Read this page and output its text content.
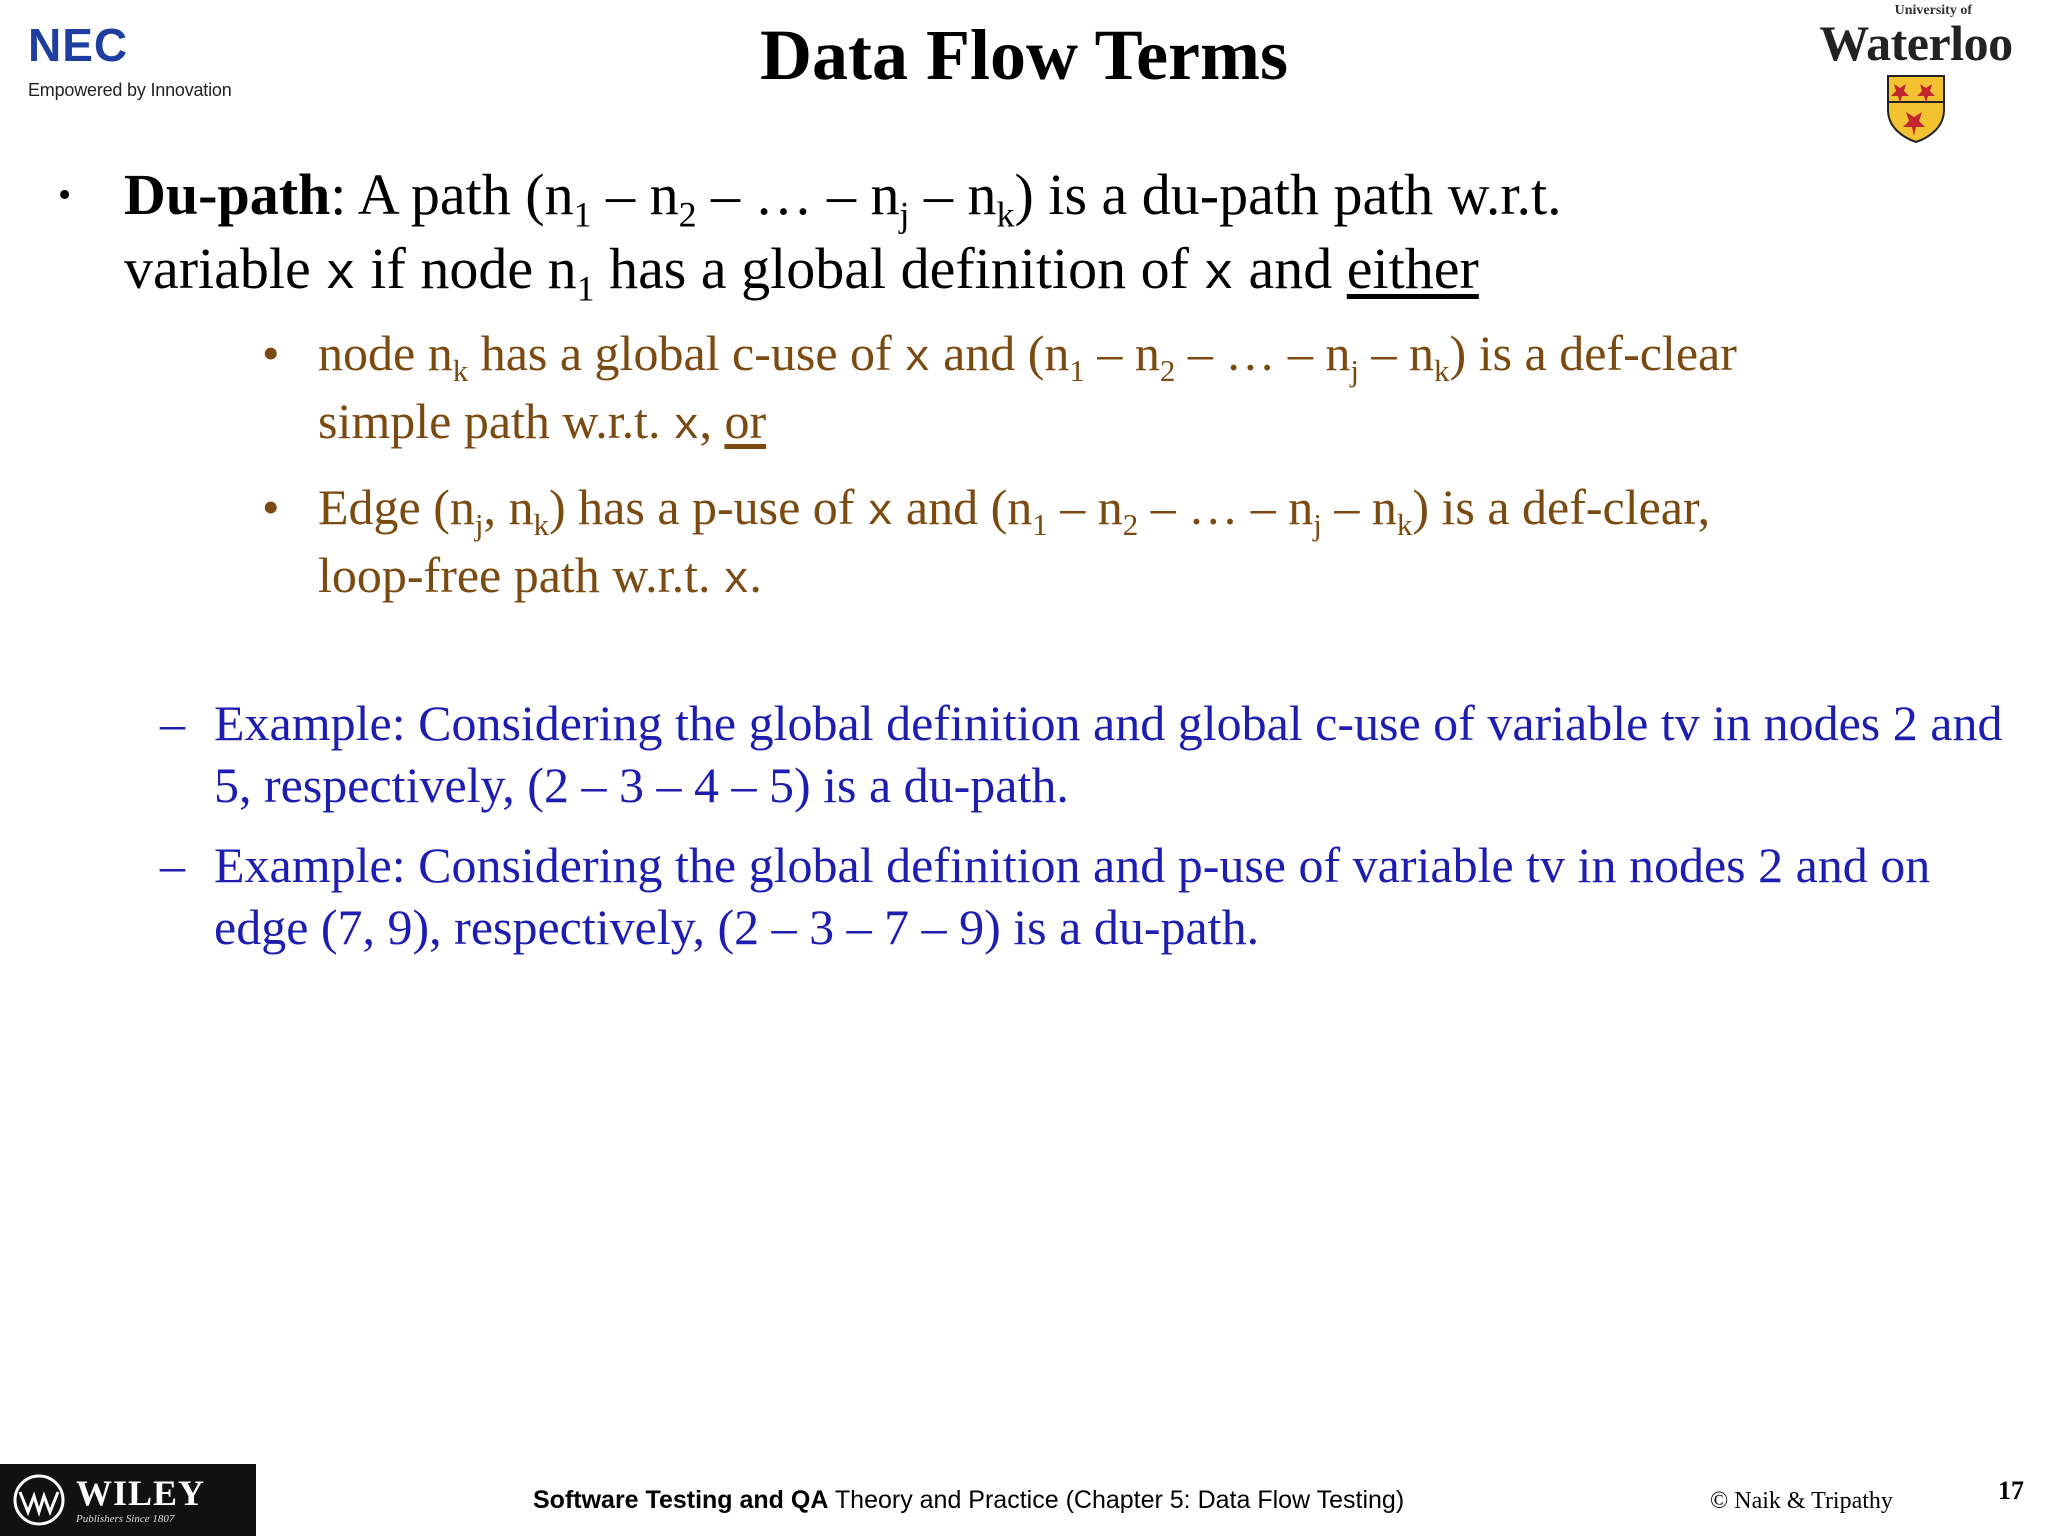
NEC
Empowered by Innovation
University of
Waterloo
Data Flow Terms
• Du-path: A path ($n_1 - n_2$ – … – $n_j - n_k$) is a du-path path w.r.t.
variable x if node $n_1$ has a global definition of x and either
• node $n_k$ has a global c-use of x and ($n_1 - n_2$ – … – $n_j - n_k$) is a def-clear
simple path w.r.t. x, or
• Edge ($n_j$, $n_k$) has a p-use of x and ($n_1 - n_2$ – … – $n_j - n_k$) is a def-clear,
loop-free path w.r.t. x.
– Example: Considering the global definition and global c-use of variable tv in nodes 2 and 5, respectively, (2 – 3 – 4 – 5) is a du-path.
– Example: Considering the global definition and p-use of variable tv in nodes 2 and on edge (7, 9), respectively, (2 – 3 – 7 – 9) is a du-path.
WILEY
Publishers Since 1807
Software Testing and QA Theory and Practice (Chapter 5: Data Flow Testing)	© Naik & Tripathy	17
